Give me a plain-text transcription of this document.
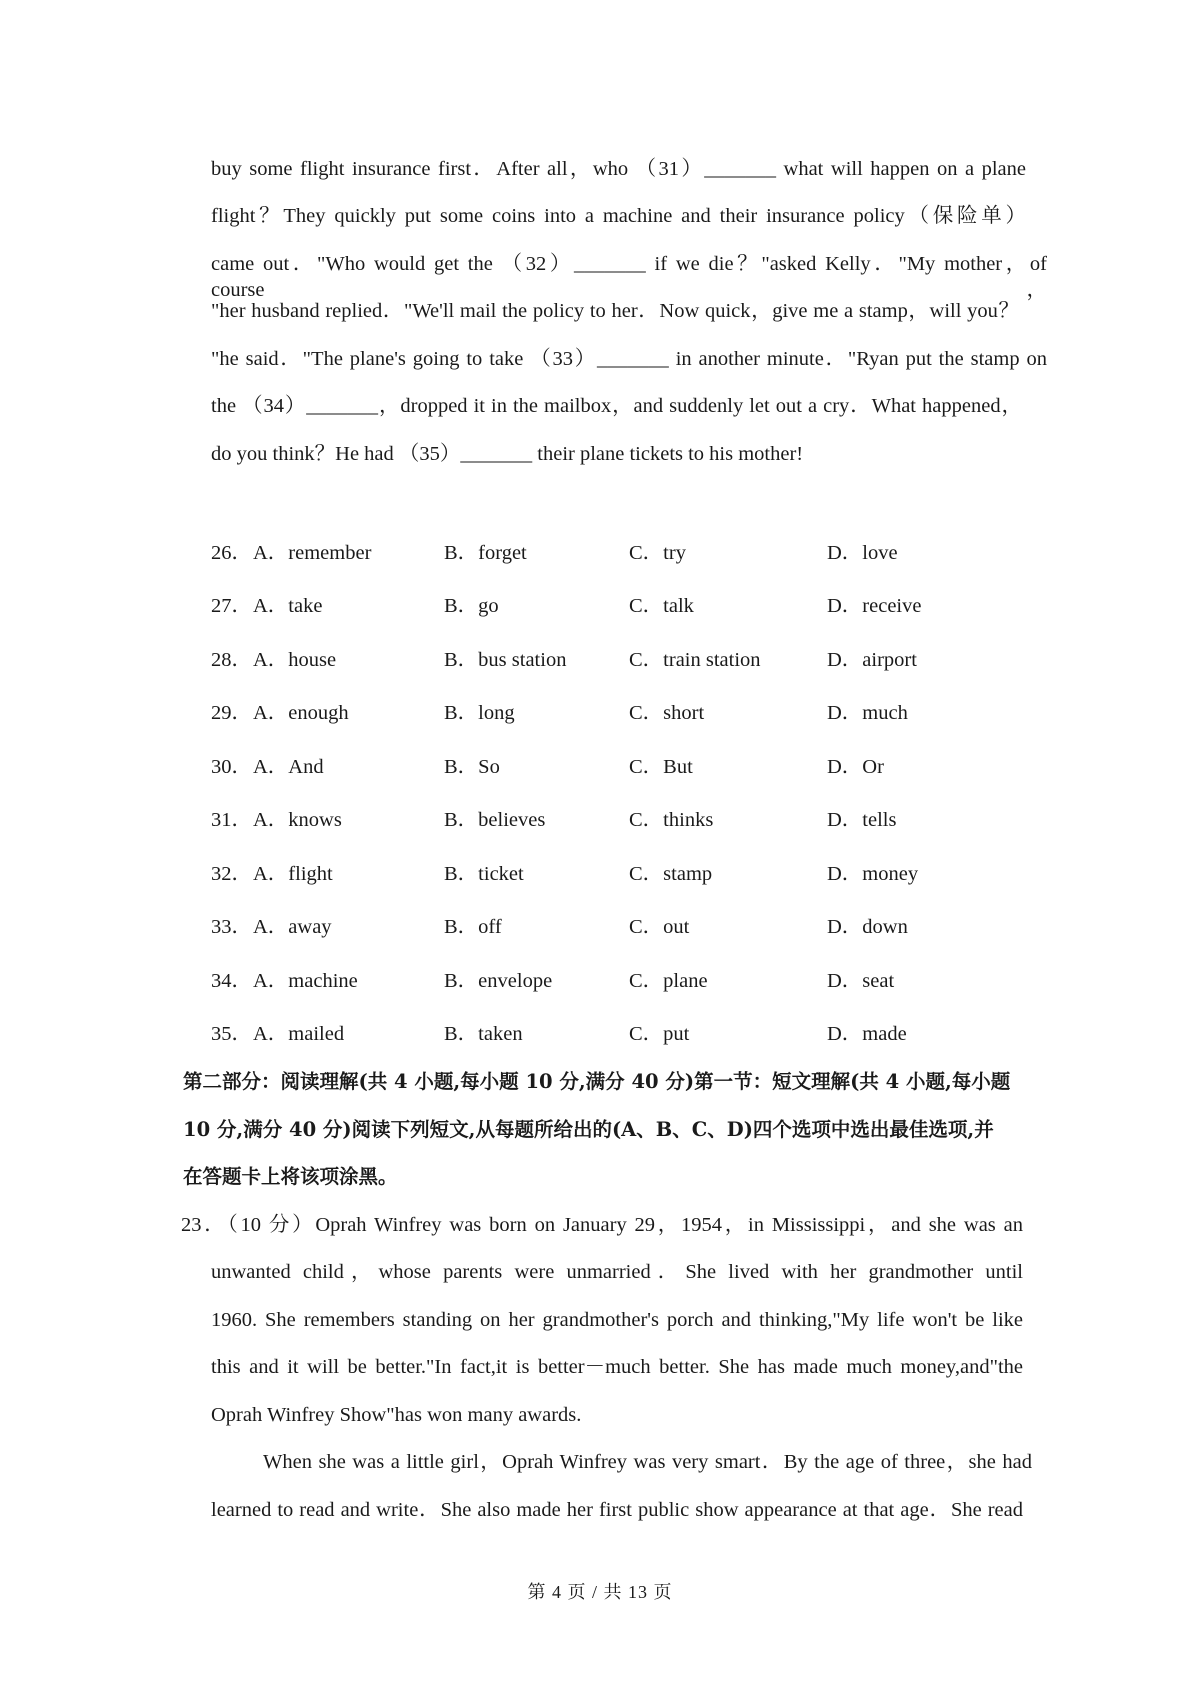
buy some flight insurance first．After all，who （31）_______ what will happen on a plane
flight？They quickly put some coins into a machine and their insurance policy（保险单）
came out．"Who would get the （32）_______ if we die？"asked Kelly．"My mother，of course，
"her husband replied．"We'll mail the policy to her．Now quick，give me a stamp，will you？
"he said．"The plane's going to take （33）_______ in another minute．"Ryan put the stamp on
the （34）_______，dropped it in the mailbox，and suddenly let out a cry．What happened，
do you think？He had （35）_______ their plane tickets to his mother!
26． A．remember	B．forget	C．try	D．love
27． A．take	B．go	C．talk	D．receive
28． A．house	B．bus station	C．train station	D．airport
29． A．enough	B．long	C．short	D．much
30． A．And	B．So	C．But	D．Or
31． A．knows	B．believes	C．thinks	D．tells
32． A．flight	B．ticket	C．stamp	D．money
33． A．away	B．off	C．out	D．down
34． A．machine	B．envelope	C．plane	D．seat
35． A．mailed	B．taken	C．put	D．made
第二部分：阅读理解(共 4 小题,每小题 10 分,满分 40 分)第一节：短文理解(共 4 小题,每小题
10 分,满分 40 分)阅读下列短文,从每题所给出的(A、B、C、D)四个选项中选出最佳选项,并
在答题卡上将该项涂黑。
23．（10 分）Oprah Winfrey was born on January 29，1954，in Mississippi，and she was an
unwanted child，whose parents were unmarried．She lived with her grandmother until
1960. She remembers standing on her grandmother's porch and thinking,"My life won't be like
this and it will be better."In fact,it is better－much better. She has made much money,and"the
Oprah Winfrey Show"has won many awards.
When she was a little girl，Oprah Winfrey was very smart．By the age of three，she had
learned to read and write．She also made her first public show appearance at that age．She read
第 4 页 / 共 13 页
